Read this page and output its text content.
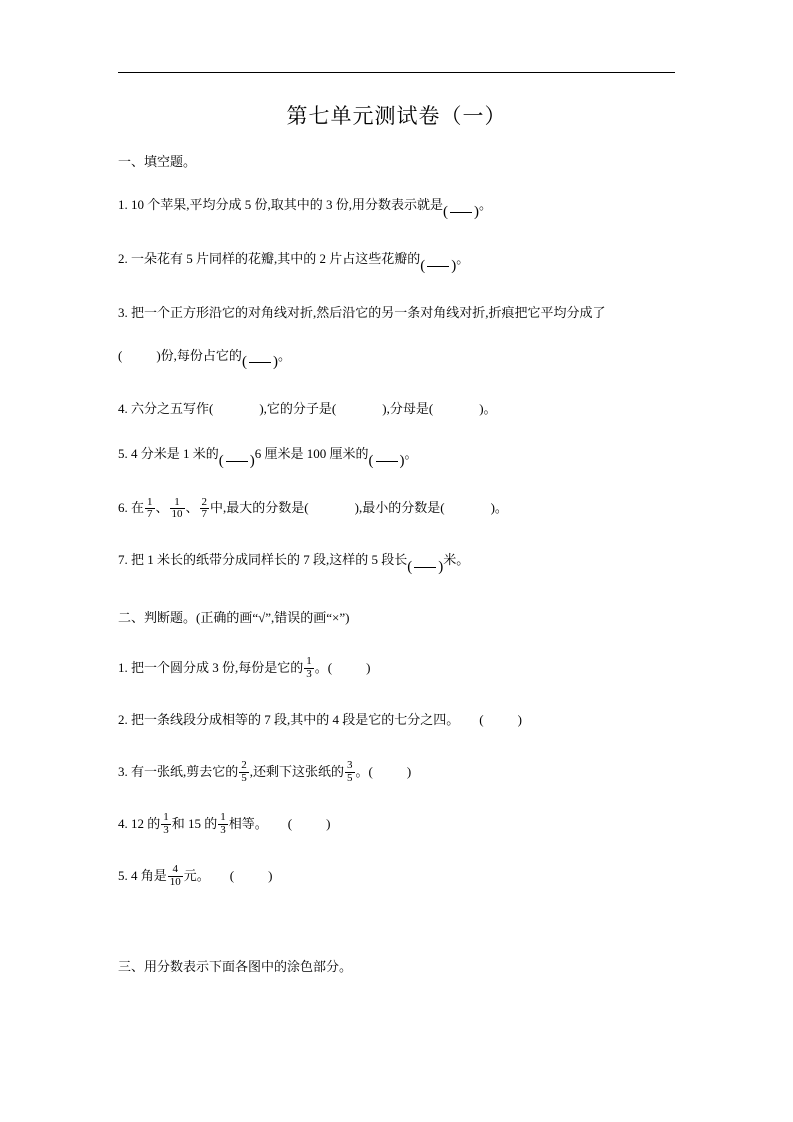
第七单元测试卷（一）
一、填空题。
1. 10 个苹果,平均分成 5 份,取其中的 3 份,用分数表示就是( )。
2. 一朵花有 5 片同样的花瓣,其中的 2 片占这些花瓣的( )。
3. 把一个正方形沿它的对角线对折,然后沿它的另一条对角线对折,折痕把它平均分成了
(	)份,每份占它的( )。
4. 六分之五写作(	),它的分子是(	),分母是(	)。
5. 4 分米是 1 米的( )6 厘米是 100 厘米的( )。
6. 在 $\frac{1}{7}$ 、 $\frac{1}{10}$ 、 $\frac{2}{7}$ 中,最大的分数是(	),最小的分数是(	)。
7. 把 1 米长的纸带分成同样长的 7 段,这样的 5 段长( )米。
二、判断题。(正确的画“√”,错误的画“×”)
1. 把一个圆分成 3 份,每份是它的 $\frac{1}{3}$ 。(	)
2. 把一条线段分成相等的 7 段,其中的 4 段是它的七分之四。 (	)
3. 有一张纸,剪去它的 $\frac{2}{5}$ ,还剩下这张纸的 $\frac{3}{5}$ 。(	)
4. 12 的 $\frac{1}{3}$ 和 15 的 $\frac{1}{3}$ 相等。 (	)
5. 4 角是 $\frac{4}{10}$ 元。 (	)
三、用分数表示下面各图中的涂色部分。
